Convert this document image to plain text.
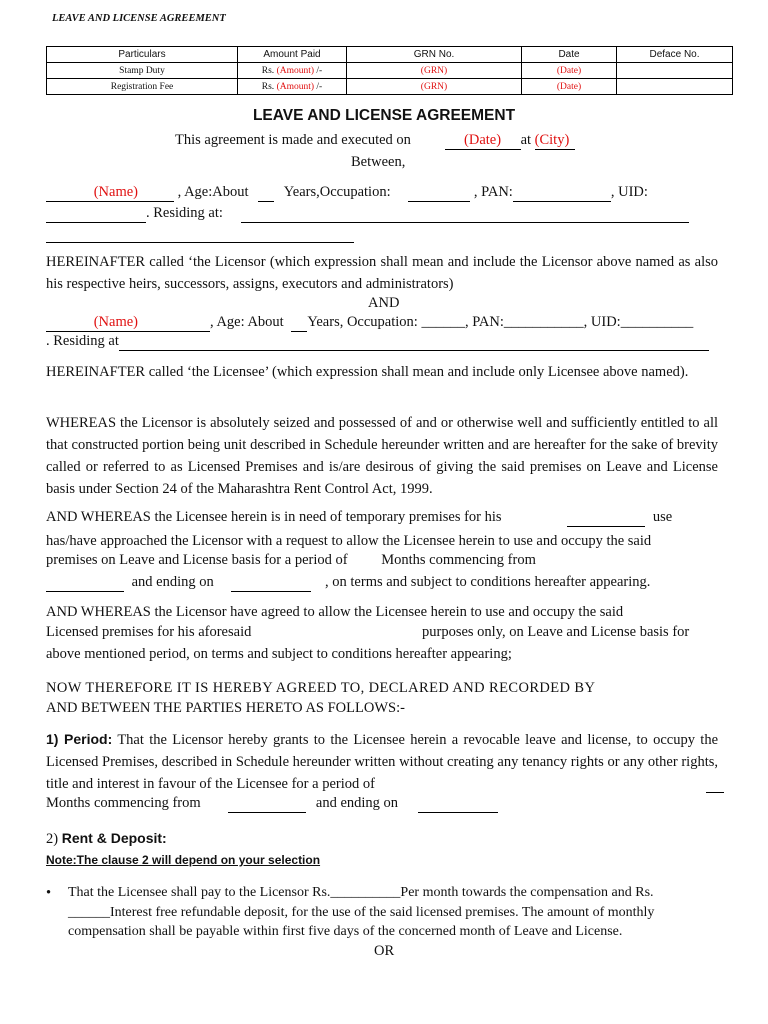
LEAVE AND LICENSE AGREEMENT
Particulars	Amount Paid	GRN No.	Date	Deface No.
Stamp Duty	Rs. (Amount) /-	(GRN)	(Date)	
Registration Fee	Rs. (Amount) /-	(GRN)	(Date)	
LEAVE AND LICENSE AGREEMENT
This agreement is made and executed on	(Date) at (City)
Between,
(Name)	, Age:About Years,Occupation:	, PAN:	, UID:
. Residing at:
HEREINAFTER called ‘the Licensor (which expression shall mean and include the Licensor above named as also his respective heirs, successors, assigns, executors and administrators)
AND
(Name)	, Age: About Years, Occupation: ______, PAN:___________, UID:__________
. Residing at
HEREINAFTER called ‘the Licensee’ (which expression shall mean and include only Licensee above named).
WHEREAS the Licensor is absolutely seized and possessed of and or otherwise well and sufficiently entitled to all that constructed portion being unit described in Schedule hereunder written and are hereafter for the sake of brevity called or referred to as Licensed Premises and is/are desirous of giving the said premises on Leave and License basis under Section 24 of the Maharashtra Rent Control Act, 1999.
AND WHEREAS the Licensee herein is in need of temporary premises for his	use
has/have approached the Licensor with a request to allow the Licensee herein to use and occupy the said
premises on Leave and License basis for a period of Months commencing from
and ending on	, on terms and subject to conditions hereafter appearing.
AND WHEREAS the Licensor have agreed to allow the Licensee herein to use and occupy the said
Licensed premises for his aforesaid	purposes only, on Leave and License basis for
above mentioned period, on terms and subject to conditions hereafter appearing;
NOW THEREFORE IT IS HEREBY AGREED TO, DECLARED AND RECORDED BY
AND BETWEEN THE PARTIES HERETO AS FOLLOWS:-
1) Period: That the Licensor hereby grants to the Licensee herein a revocable leave and license, to occupy the Licensed Premises, described in Schedule hereunder written without creating any tenancy rights or any other rights, title and interest in favour of the Licensee for a period of
Months commencing from	and ending on
2) Rent & Deposit:
Note:The clause 2 will depend on your selection
• That the Licensee shall pay to the Licensor Rs.__________Per month towards the compensation and Rs.
______Interest free refundable deposit, for the use of the said licensed premises. The amount of monthly
compensation shall be payable within first five days of the concerned month of Leave and License.
OR
